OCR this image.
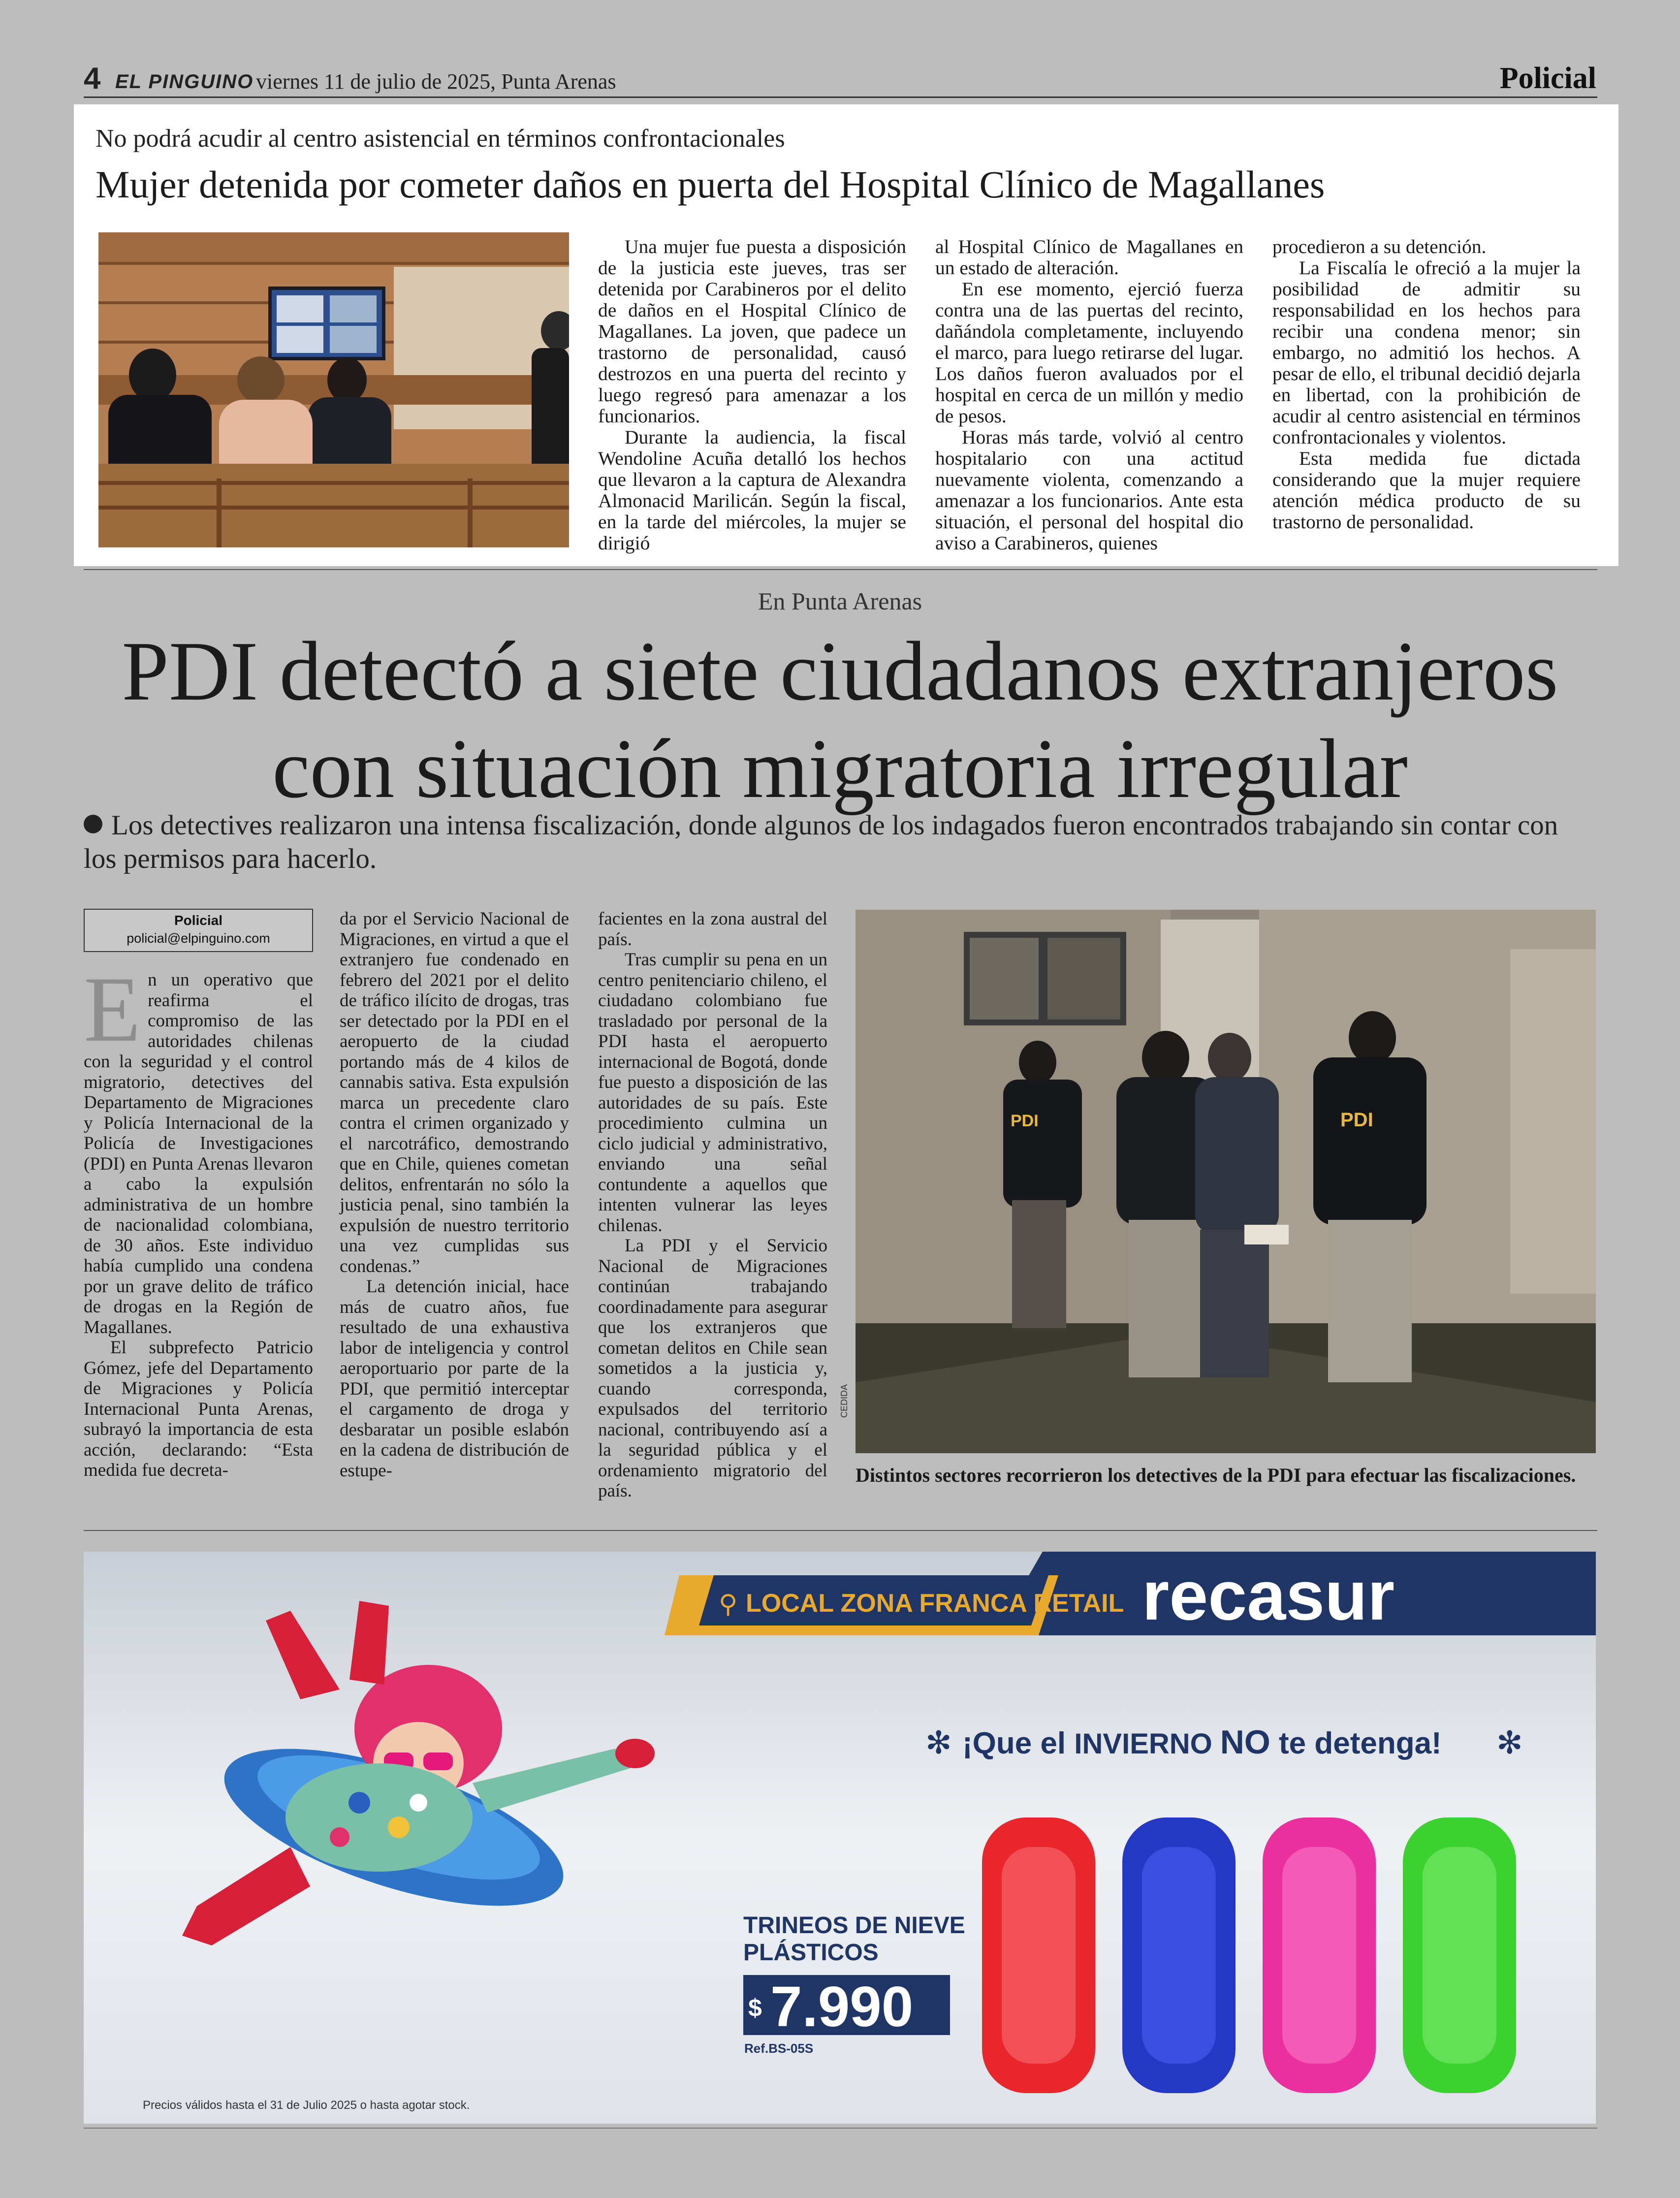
4 EL PINGUINO viernes 11 de julio de 2025, Punta Arenas	Policial
No podrá acudir al centro asistencial en términos confrontacionales
Mujer detenida por cometer daños en puerta del Hospital Clínico de Magallanes

Una mujer fue puesta a disposición de la justicia este jueves, tras ser detenida por Carabineros por el delito de daños en el Hospital Clínico de Magallanes. La joven, que padece un trastorno de personalidad, causó destrozos en una puerta del recinto y luego regresó para amenazar a los funcionarios.

Durante la audiencia, la fiscal Wendoline Acuña detalló los hechos que llevaron a la captura de Alexandra Almonacid Marilicán. Según la fiscal, en la tarde del miércoles, la mujer se dirigió

al Hospital Clínico de Magallanes en un estado de alteración.

En ese momento, ejerció fuerza contra una de las puertas del recinto, dañándola completamente, incluyendo el marco, para luego retirarse del lugar. Los daños fueron avaluados por el hospital en cerca de un millón y medio de pesos.

Horas más tarde, volvió al centro hospitalario con una actitud nuevamente violenta, comenzando a amenazar a los funcionarios. Ante esta situación, el personal del hospital dio aviso a Carabineros, quienes

procedieron a su detención.

La Fiscalía le ofreció a la mujer la posibilidad de admitir su responsabilidad en los hechos para recibir una condena menor; sin embargo, no admitió los hechos. A pesar de ello, el tribunal decidió dejarla en libertad, con la prohibición de acudir al centro asistencial en términos confrontacionales y violentos.

Esta medida fue dictada considerando que la mujer requiere atención médica producto de su trastorno de personalidad.

En Punta Arenas
PDI detectó a siete ciudadanos extranjeros
con situación migratoria irregular
Los detectives realizaron una intensa fiscalización, donde algunos de los indagados fueron encontrados trabajando sin contar con los permisos para hacerlo.
Policial
policial@elpinguino.com

En un operativo que reafirma el compromiso de las autoridades chilenas con la seguridad y el control migratorio, detectives del Departamento de Migraciones y Policía Internacional de la Policía de Investigaciones (PDI) en Punta Arenas llevaron a cabo la expulsión administrativa de un hombre de nacionalidad colombiana, de 30 años. Este individuo había cumplido una condena por un grave delito de tráfico de drogas en la Región de Magallanes.

El subprefecto Patricio Gómez, jefe del Departamento de Migraciones y Policía Internacional Punta Arenas, subrayó la importancia de esta acción, declarando: “Esta medida fue decreta-

da por el Servicio Nacional de Migraciones, en virtud a que el extranjero fue condenado en febrero del 2021 por el delito de tráfico ilícito de drogas, tras ser detectado por la PDI en el aeropuerto de la ciudad portando más de 4 kilos de cannabis sativa. Esta expulsión marca un precedente claro contra el crimen organizado y el narcotráfico, demostrando que en Chile, quienes cometan delitos, enfrentarán no sólo la justicia penal, sino también la expulsión de nuestro territorio una vez cumplidas sus condenas.”

La detención inicial, hace más de cuatro años, fue resultado de una exhaustiva labor de inteligencia y control aeroportuario por parte de la PDI, que permitió interceptar el cargamento de droga y desbaratar un posible eslabón en la cadena de distribución de estupe-

facientes en la zona austral del país.

Tras cumplir su pena en un centro penitenciario chileno, el ciudadano colombiano fue trasladado por personal de la PDI hasta el aeropuerto internacional de Bogotá, donde fue puesto a disposición de las autoridades de su país. Este procedimiento culmina un ciclo judicial y administrativo, enviando una señal contundente a aquellos que intenten vulnerar las leyes chilenas.

La PDI y el Servicio Nacional de Migraciones continúan trabajando coordinadamente para asegurar que los extranjeros que cometan delitos en Chile sean sometidos a la justicia y, cuando corresponda, expulsados del territorio nacional, contribuyendo así a la seguridad pública y el ordenamiento migratorio del país.

PDI	PDI
CEDIDA
Distintos sectores recorrieron los detectives de la PDI para efectuar las fiscalizaciones.
LOCAL ZONA FRANCA RETAIL
⚲	recasur
✻ ¡Que el INVIERNO NO te detenga! ✻
TRINEOS DE NIEVE
PLÁSTICOS
$ 7.990
Ref.BS-05S
Precios válidos hasta el 31 de Julio 2025 o hasta agotar stock.
